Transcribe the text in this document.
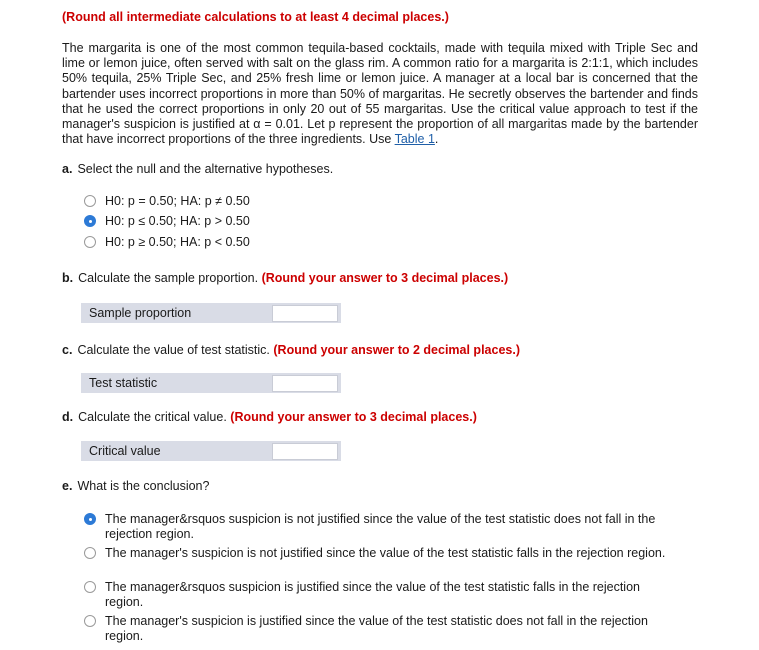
(Round all intermediate calculations to at least 4 decimal places.)
The margarita is one of the most common tequila-based cocktails, made with tequila mixed with Triple Sec and lime or lemon juice, often served with salt on the glass rim. A common ratio for a margarita is 2:1:1, which includes 50% tequila, 25% Triple Sec, and 25% fresh lime or lemon juice. A manager at a local bar is concerned that the bartender uses incorrect proportions in more than 50% of margaritas. He secretly observes the bartender and finds that he used the correct proportions in only 20 out of 55 margaritas. Use the critical value approach to test if the manager's suspicion is justified at α = 0.01. Let p represent the proportion of all margaritas made by the bartender that have incorrect proportions of the three ingredients. Use Table 1.
a. Select the null and the alternative hypotheses.
H0: p = 0.50; HA: p ≠ 0.50
H0: p ≤ 0.50; HA: p > 0.50
H0: p ≥ 0.50; HA: p < 0.50
b. Calculate the sample proportion. (Round your answer to 3 decimal places.)
Sample proportion
c. Calculate the value of test statistic. (Round your answer to 2 decimal places.)
Test statistic
d. Calculate the critical value. (Round your answer to 3 decimal places.)
Critical value
e. What is the conclusion?
The manager&rsquos suspicion is not justified since the value of the test statistic does not fall in the rejection region.
The manager's suspicion is not justified since the value of the test statistic falls in the rejection region.
The manager&rsquos suspicion is justified since the value of the test statistic falls in the rejection region.
The manager's suspicion is justified since the value of the test statistic does not fall in the rejection region.
